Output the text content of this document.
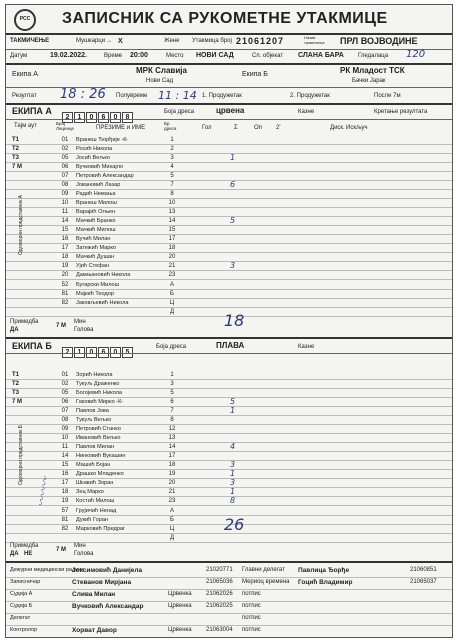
РСС ЗАПИСНИК СА РУКОМЕТНЕ УТАКМИЦЕ
ТАКМИЧЕЊЕ	Мушкарци → X	Жене Утакмица број 21061207	Назив такмичења ПРЛ ВОЈВОДИНЕ
Датум	19.02.2022.	Време 20:00	Место НОВИ САД	Сп. објекат СЛАНА БАРА Гледалаца 120
Екипа А	МРК Славија
Нови Сад
Екипа Б	РК Младост ТСК
Бачки Јарак
Резултат 18 : 26 Полувреме 11 : 14 1. Продужетак	2. Продужетак	После 7м
ЕКИПА А
2 1 0 6 0 8
Боја дреса	црвена	Казне	Кретање резултата
Тајм аут	Број Лиценце	ПРЕЗИМЕ и ИМЕ
Бр дреса	Гол	Σ	Оп 2'	Диск. Искључ
01	Вранеш Ђорђије -К-	1
02	Росић Никола	2
05	Јосић Вељко	3	1
06	Вучковић Михајло	4
07	Петровић Александар	5
08	Јовановић Лазар	7	6
09	Радић Немања	8
10	Вранеш Милош	10
11	Варајић Огњен	13
14	Мачкић Бранко	14	5
15	Мачкић Милош	15
16	Вучић Милан	17
17	Затежић Марко	18
18	Мачкић Душан	20
19	Ујић Стефан	21	3
20	Дамњановић Никола	23
T1
T2
T3
7 M
52	Бугарски Милош	А
81	Мајкић Теодор	Б
82	Јаковљевић Никола	Ц
Д	18
Примедба
ДА
7 М
Мин
Голова
ЕКИПА Б
2 1 0 6 0 5
Боја дреса	ПЛАВА	Казне
01	Зорић Никола	1
02	Тукуљ Драженко	3
05	Богојевић Никола	5
06	Гаковић Мирко -К-	6	5
07	Павлов Јова	7	1
08	Тукуљ Вељко	8
09	Петровић Станко	12
10	Ивановић Вељко	13
11	Павлов Милан	14	4
14	Нинковић Вукашин	17
15	Машић Бојан	18	3
16	Драшко Младенко	19	1
17	Шкавић Зоран	20	3
18	Зец Марко	21	1
19	Костић Милош	23	8
T1
T2
T3
7 M
57	Грујичић Ненад	А
81	Дукић Горан	Б
82	Марковић Предраг	Ц
Д
26
Примедба
ДА НЕ
7 М
Мин
Голова
Дежурни медицински радник
Јоксимовић Данијела	21020771 Главни делегат Павлица Ђорђе	21060851
Записничар	Стеванов Мирјана	21065036 Мериоц времена Гоцић Владимир	21065037
Судија А	Слива Милан	Црвенка 21062026 потпис
Судија Б	Вучковић Александар	Црвенка 21062025 потпис
Делегат	потпис
Контролор	Хорват Давор	Црвенка 21063004 потпис
Одговорни представник А
Одговорни представник Б
〰〰〰
